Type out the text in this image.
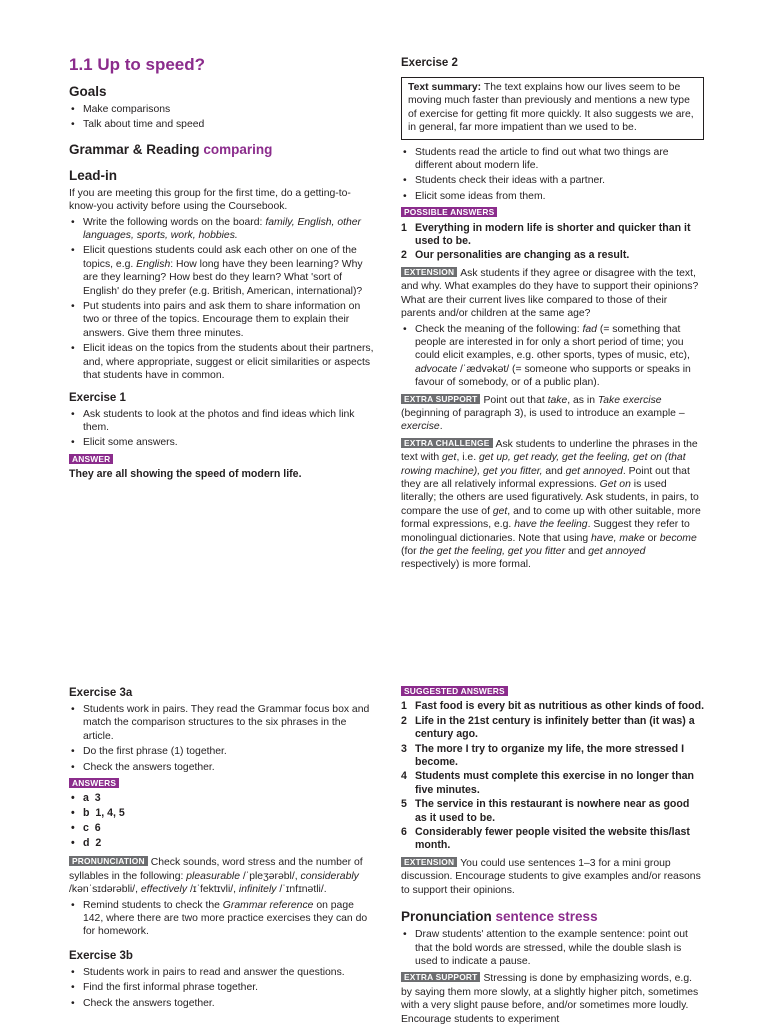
1.1 Up to speed?
Goals
• Make comparisons
• Talk about time and speed
Grammar & Reading comparing
Lead-in

If you are meeting this group for the first time, do a getting-to-know-you activity before using the Coursebook.

• Write the following words on the board: family, English, other languages, sports, work, hobbies.
• Elicit questions students could ask each other on one of the topics, e.g. English: How long have they been learning? Why are they learning? How best do they learn? What 'sort of English' do they prefer (e.g. British, American, international)?
• Put students into pairs and ask them to share information on two or three of the topics. Encourage them to explain their answers. Give them three minutes.
• Elicit ideas on the topics from the students about their partners, and, where appropriate, suggest or elicit similarities or aspects that students have in common.
Exercise 1
• Ask students to look at the photos and find ideas which link them.
• Elicit some answers.
ANSWER

They are all showing the speed of modern life.

Exercise 2
Text summary: The text explains how our lives seem to be moving much faster than previously and mentions a new type of exercise for getting fit more quickly. It also suggests we are, in general, far more impatient than we used to be.
• Students read the article to find out what two things are different about modern life.
• Students check their ideas with a partner.
• Elicit some ideas from them.
POSSIBLE ANSWERS
1 Everything in modern life is shorter and quicker than it used to be.
2 Our personalities are changing as a result.

EXTENSION Ask students if they agree or disagree with the text, and why. What examples do they have to support their opinions? What are their current lives like compared to those of their parents and/or children at the same age?

• Check the meaning of the following: fad (= something that people are interested in for only a short period of time; you could elicit examples, e.g. other sports, types of music, etc), advocate /ˈædvəkət/ (= someone who supports or speaks in favour of somebody, or of a public plan).

EXTRA SUPPORT Point out that take, as in Take exercise (beginning of paragraph 3), is used to introduce an example – exercise.

EXTRA CHALLENGE Ask students to underline the phrases in the text with get, i.e. get up, get ready, get the feeling, get on (that rowing machine), get you fitter, and get annoyed. Point out that they are all relatively informal expressions. Get on is used literally; the others are used figuratively. Ask students, in pairs, to compare the use of get, and to come up with other suitable, more formal expressions, e.g. have the feeling. Suggest they refer to monolingual dictionaries. Note that using have, make or become (for the get the feeling, get you fitter and get annoyed respectively) is more formal.

Exercise 3a
• Students work in pairs. They read the Grammar focus box and match the comparison structures to the six phrases in the article.
• Do the first phrase (1) together.
• Check the answers together.
ANSWERS
• a 3
• b 1, 4, 5
• c 6
• d 2

PRONUNCIATION Check sounds, word stress and the number of syllables in the following: pleasurable /ˈpleʒərəbl/, considerably /kənˈsɪdərəbli/, effectively /ɪˈfektɪvli/, infinitely /ˈɪnfɪnətli/.

• Remind students to check the Grammar reference on page 142, where there are two more practice exercises they can do for homework.
Exercise 3b
• Students work in pairs to read and answer the questions.
• Find the first informal phrase together.
• Check the answers together.
SUGGESTED ANSWERS
1 Fast food is every bit as nutritious as other kinds of food.
2 Life in the 21st century is infinitely better than (it was) a century ago.
3 The more I try to organize my life, the more stressed I become.
4 Students must complete this exercise in no longer than five minutes.
5 The service in this restaurant is nowhere near as good as it used to be.
6 Considerably fewer people visited the website this/last month.

EXTENSION You could use sentences 1–3 for a mini group discussion. Encourage students to give examples and/or reasons to support their opinions.

Pronunciation sentence stress
• Draw students' attention to the example sentence: point out that the bold words are stressed, while the double slash is used to indicate a pause.

EXTRA SUPPORT Stressing is done by emphasizing words, e.g. by saying them more slowly, at a slightly higher pitch, sometimes with a very slight pause before, and/or sometimes more loudly. Encourage students to experiment
